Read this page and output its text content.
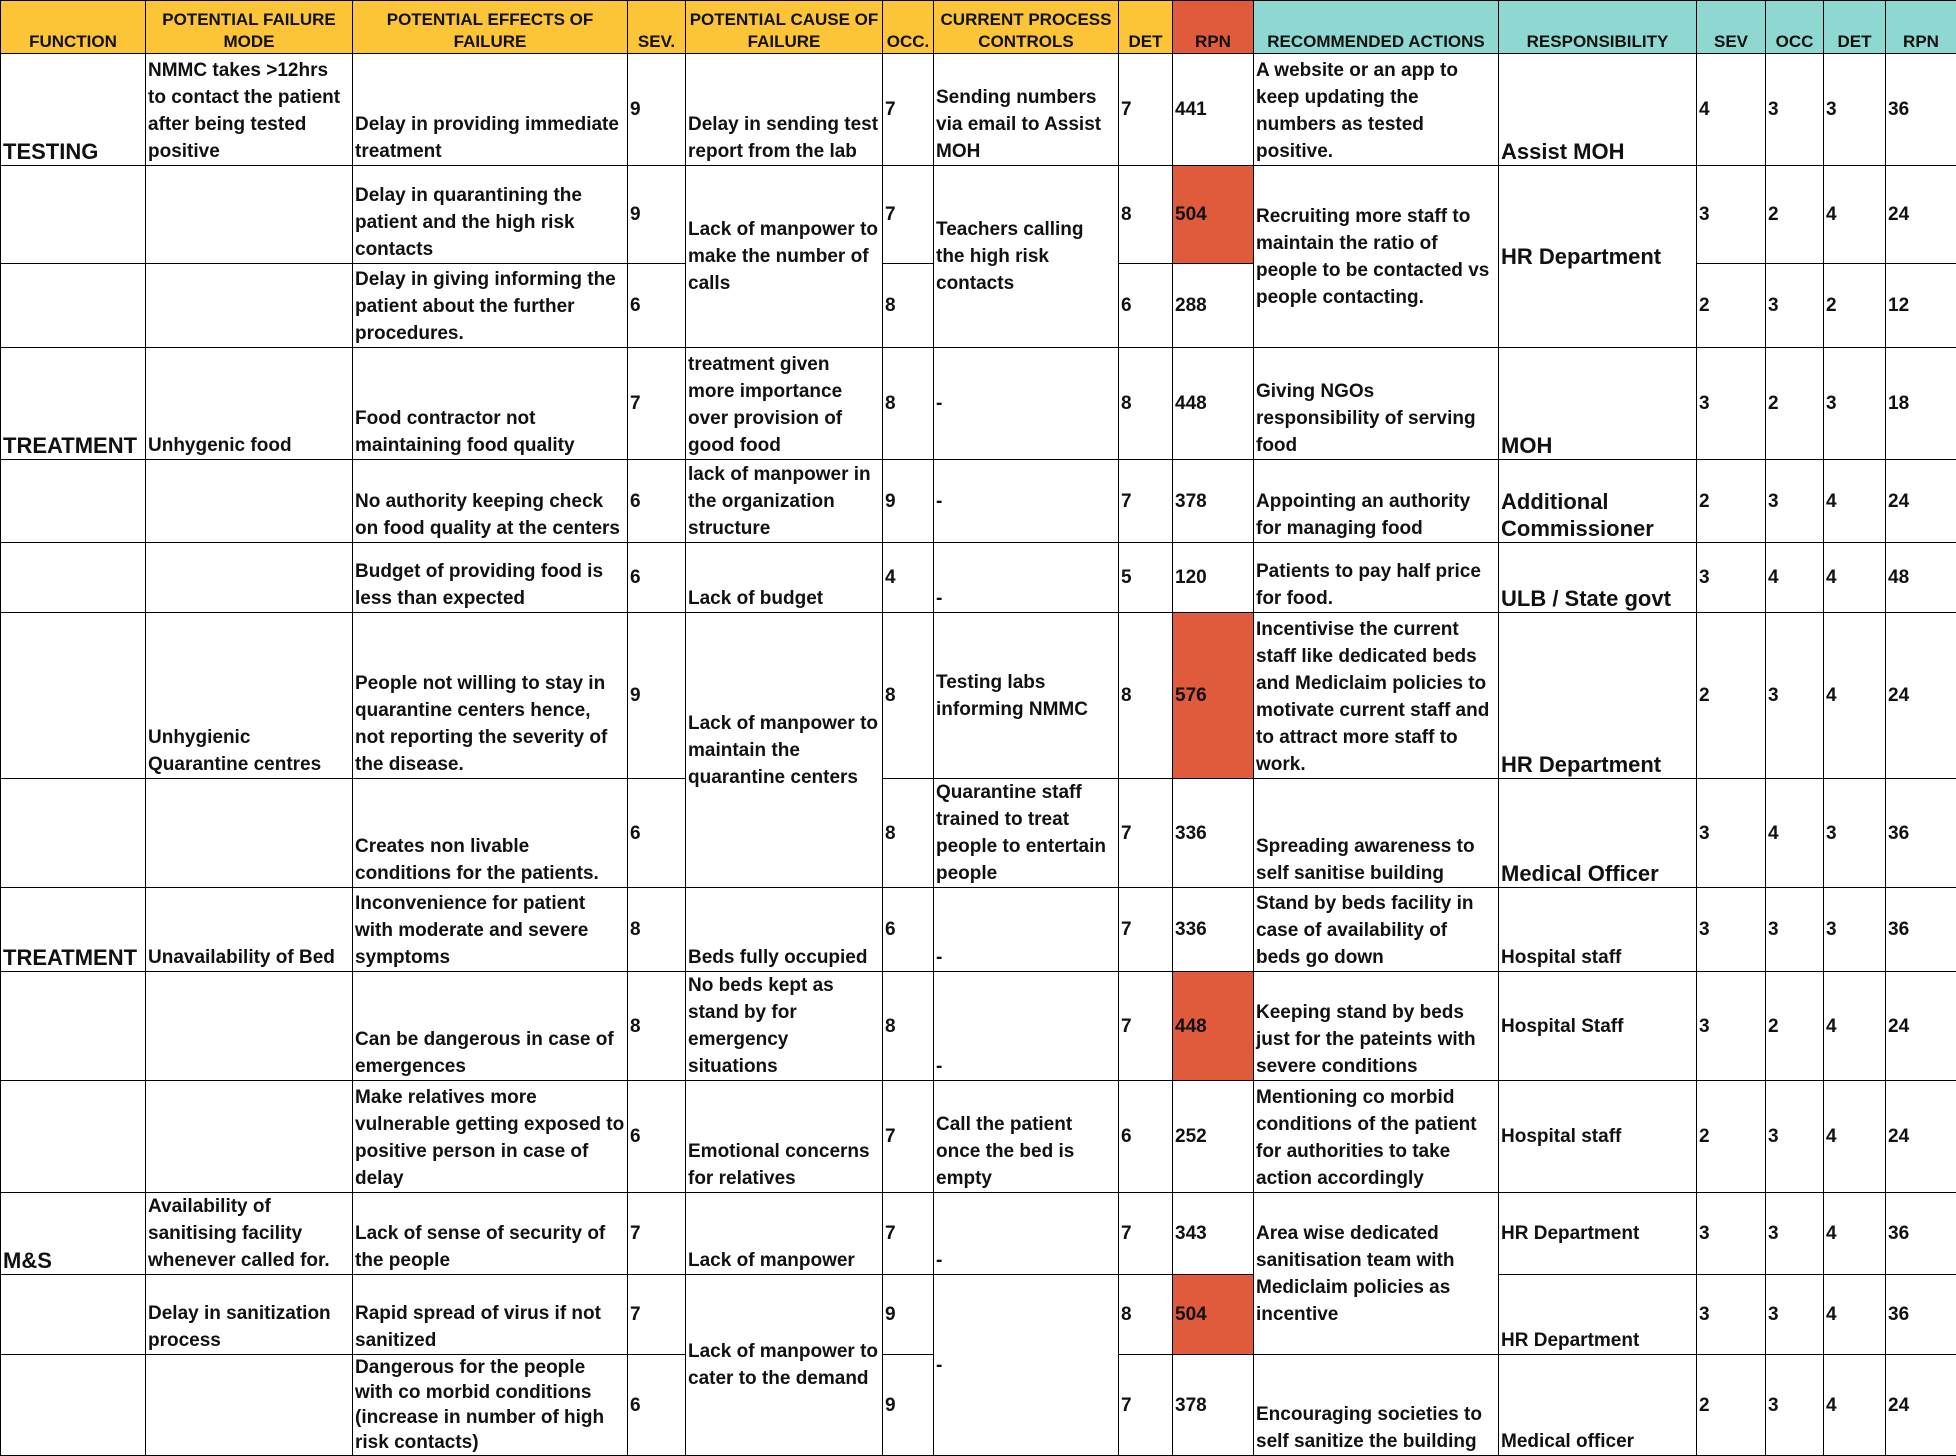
FUNCTION	POTENTIAL FAILURE MODE	POTENTIAL EFFECTS OF FAILURE	SEV.	POTENTIAL CAUSE OF FAILURE	OCC.	CURRENT PROCESS CONTROLS	DET	RPN	RECOMMENDED ACTIONS	RESPONSIBILITY	SEV	OCC	DET	RPN
TESTING	NMMC takes >12hrs to contact the patient after being tested positive	Delay in providing immediate treatment	9	Delay in sending test report from the lab	7	Sending numbers via email to Assist MOH	7	441	A website or an app to keep updating the numbers as tested positive.	Assist MOH	4	3	3	36
		Delay in quarantining the patient and the high risk contacts	9	Lack of manpower to make the number of calls	7	Teachers calling the high risk contacts	8	504	Recruiting more staff to maintain the ratio of people to be contacted vs people contacting.	HR Department	3	2	4	24
		Delay in giving informing the patient about the further procedures.	6		8		6	288			2	3	2	12
TREATMENT	Unhygenic food	Food contractor not maintaining food quality	7	treatment given more importance over provision of good food	8	-	8	448	Giving NGOs responsibility of serving food	MOH	3	2	3	18
		No authority keeping check on food quality at the centers	6	lack of manpower in the organization structure	9	-	7	378	Appointing an authority for managing food	Additional Commissioner	2	3	4	24
		Budget of providing food is less than expected	6	Lack of budget	4	-	5	120	Patients to pay half price for food.	ULB / State govt	3	4	4	48
	Unhygienic Quarantine centres	People not willing to stay in quarantine centers hence, not reporting the severity of the disease.	9	Lack of manpower to maintain the quarantine centers	8	Testing labs informing NMMC	8	576	Incentivise the current staff like dedicated beds and Mediclaim policies to motivate current staff and to attract more staff to work.	HR Department	2	3	4	24
		Creates non livable conditions for the patients.	6		8	Quarantine staff trained to treat people to entertain people	7	336	Spreading awareness to self sanitise building	Medical Officer	3	4	3	36
TREATMENT	Unavailability of Bed	Inconvenience for patient with moderate and severe symptoms	8	Beds fully occupied	6	-	7	336	Stand by beds facility in case of availability of beds go down	Hospital staff	3	3	3	36
		Can be dangerous in case of emergences	8	No beds kept as stand by for emergency situations	8	-	7	448	Keeping stand by beds just for the pateints with severe conditions	Hospital Staff	3	2	4	24
		Make relatives more vulnerable getting exposed to positive person in case of delay	6	Emotional concerns for relatives	7	Call the patient once the bed is empty	6	252	Mentioning co morbid conditions of the patient for authorities to take action accordingly	Hospital staff	2	3	4	24
M&S	Availability of sanitising facility whenever called for.	Lack of sense of security of the people	7	Lack of manpower	7	-	7	343	Area wise dedicated sanitisation team with Mediclaim policies as incentive	HR Department	3	3	4	36
	Delay in sanitization process	Rapid spread of virus if not sanitized	7	Lack of manpower to cater to the demand	9	-	8	504		HR Department	3	3	4	36
		Dangerous for the people with co morbid conditions (increase in number of high risk contacts)	6		9		7	378	Encouraging societies to self sanitize the building	Medical officer	2	3	4	24
